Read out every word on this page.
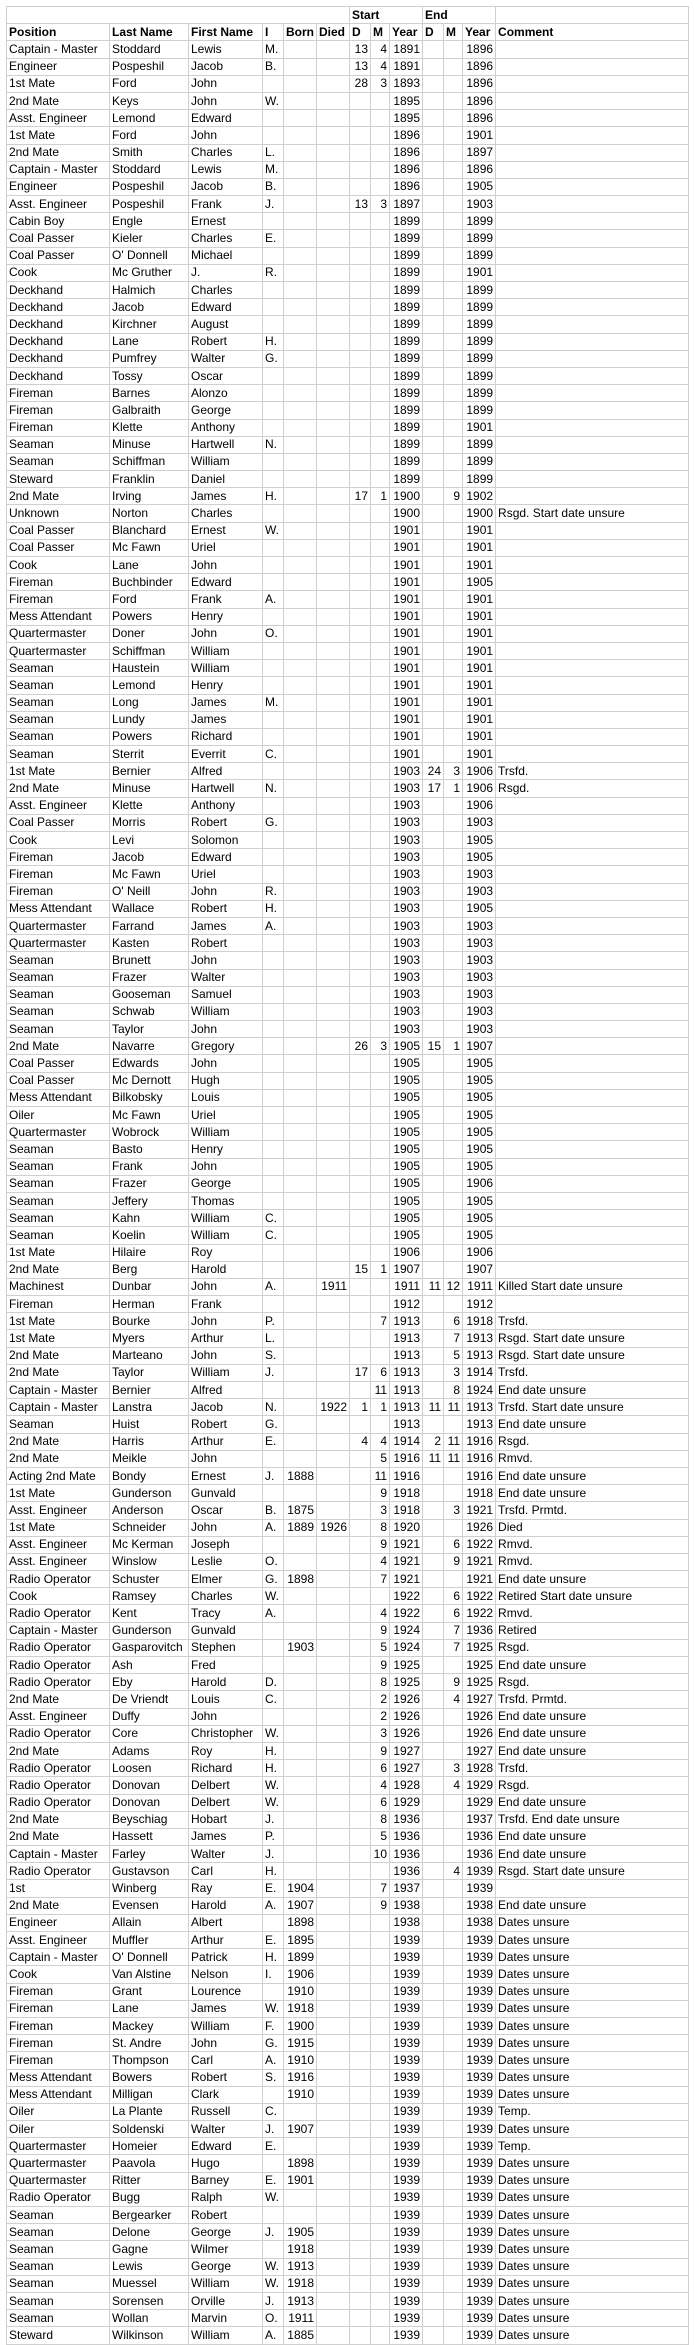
						Start			End			
Position	Last Name	First Name	I	Born	Died	D	M	Year	D	M	Year	Comment
Captain - Master	Stoddard	Lewis	M.			13	4	1891			1896	
Engineer	Pospeshil	Jacob	B.			13	4	1891			1896	
1st Mate	Ford	John				28	3	1893			1896	
2nd Mate	Keys	John	W.					1895			1896	
Asst. Engineer	Lemond	Edward						1895			1896	
1st Mate	Ford	John						1896			1901	
2nd Mate	Smith	Charles	L.					1896			1897	
Captain - Master	Stoddard	Lewis	M.					1896			1896	
Engineer	Pospeshil	Jacob	B.					1896			1905	
Asst. Engineer	Pospeshil	Frank	J.			13	3	1897			1903	
Cabin Boy	Engle	Ernest						1899			1899	
Coal Passer	Kieler	Charles	E.					1899			1899	
Coal Passer	O' Donnell	Michael						1899			1899	
Cook	Mc Gruther	J.	R.					1899			1901	
Deckhand	Halmich	Charles						1899			1899	
Deckhand	Jacob	Edward						1899			1899	
Deckhand	Kirchner	August						1899			1899	
Deckhand	Lane	Robert	H.					1899			1899	
Deckhand	Pumfrey	Walter	G.					1899			1899	
Deckhand	Tossy	Oscar						1899			1899	
Fireman	Barnes	Alonzo						1899			1899	
Fireman	Galbraith	George						1899			1899	
Fireman	Klette	Anthony						1899			1901	
Seaman	Minuse	Hartwell	N.					1899			1899	
Seaman	Schiffman	William						1899			1899	
Steward	Franklin	Daniel						1899			1899	
2nd Mate	Irving	James	H.			17	1	1900		9	1902	
Unknown	Norton	Charles						1900			1900	Rsgd. Start date unsure
Coal Passer	Blanchard	Ernest	W.					1901			1901	
Coal Passer	Mc Fawn	Uriel						1901			1901	
Cook	Lane	John						1901			1901	
Fireman	Buchbinder	Edward						1901			1905	
Fireman	Ford	Frank	A.					1901			1901	
Mess Attendant	Powers	Henry						1901			1901	
Quartermaster	Doner	John	O.					1901			1901	
Quartermaster	Schiffman	William						1901			1901	
Seaman	Haustein	William						1901			1901	
Seaman	Lemond	Henry						1901			1901	
Seaman	Long	James	M.					1901			1901	
Seaman	Lundy	James						1901			1901	
Seaman	Powers	Richard						1901			1901	
Seaman	Sterrit	Everrit	C.					1901			1901	
1st Mate	Bernier	Alfred						1903	24	3	1906	Trsfd.
2nd Mate	Minuse	Hartwell	N.					1903	17	1	1906	Rsgd.
Asst. Engineer	Klette	Anthony						1903			1906	
Coal Passer	Morris	Robert	G.					1903			1903	
Cook	Levi	Solomon						1903			1905	
Fireman	Jacob	Edward						1903			1905	
Fireman	Mc Fawn	Uriel						1903			1903	
Fireman	O' Neill	John	R.					1903			1903	
Mess Attendant	Wallace	Robert	H.					1903			1905	
Quartermaster	Farrand	James	A.					1903			1903	
Quartermaster	Kasten	Robert						1903			1903	
Seaman	Brunett	John						1903			1903	
Seaman	Frazer	Walter						1903			1903	
Seaman	Gooseman	Samuel						1903			1903	
Seaman	Schwab	William						1903			1903	
Seaman	Taylor	John						1903			1903	
2nd Mate	Navarre	Gregory				26	3	1905	15	1	1907	
Coal Passer	Edwards	John						1905			1905	
Coal Passer	Mc Dernott	Hugh						1905			1905	
Mess Attendant	Bilkobsky	Louis						1905			1905	
Oiler	Mc Fawn	Uriel						1905			1905	
Quartermaster	Wobrock	William						1905			1905	
Seaman	Basto	Henry						1905			1905	
Seaman	Frank	John						1905			1905	
Seaman	Frazer	George						1905			1906	
Seaman	Jeffery	Thomas						1905			1905	
Seaman	Kahn	William	C.					1905			1905	
Seaman	Koelin	William	C.					1905			1905	
1st Mate	Hilaire	Roy						1906			1906	
2nd Mate	Berg	Harold				15	1	1907			1907	
Machinest	Dunbar	John	A.		1911			1911	11	12	1911	Killed Start date unsure
Fireman	Herman	Frank						1912			1912	
1st Mate	Bourke	John	P.				7	1913		6	1918	Trsfd.
1st Mate	Myers	Arthur	L.					1913		7	1913	Rsgd. Start date unsure
2nd Mate	Marteano	John	S.					1913		5	1913	Rsgd. Start date unsure
2nd Mate	Taylor	William	J.			17	6	1913		3	1914	Trsfd.
Captain - Master	Bernier	Alfred					11	1913		8	1924	End date unsure
Captain - Master	Lanstra	Jacob	N.		1922	1	1	1913	11	11	1913	Trsfd. Start date unsure
Seaman	Huist	Robert	G.					1913			1913	End date unsure
2nd Mate	Harris	Arthur	E.			4	4	1914	2	11	1916	Rsgd.
2nd Mate	Meikle	John					5	1916	11	11	1916	Rmvd.
Acting 2nd Mate	Bondy	Ernest	J.	1888			11	1916			1916	End date unsure
1st Mate	Gunderson	Gunvald					9	1918			1918	End date unsure
Asst. Engineer	Anderson	Oscar	B.	1875			3	1918		3	1921	Trsfd. Prmtd.
1st Mate	Schneider	John	A.	1889	1926		8	1920			1926	Died
Asst. Engineer	Mc Kerman	Joseph					9	1921		6	1922	Rmvd.
Asst. Engineer	Winslow	Leslie	O.				4	1921		9	1921	Rmvd.
Radio Operator	Schuster	Elmer	G.	1898			7	1921			1921	End date unsure
Cook	Ramsey	Charles	W.					1922		6	1922	Retired Start date unsure
Radio Operator	Kent	Tracy	A.				4	1922		6	1922	Rmvd.
Captain - Master	Gunderson	Gunvald					9	1924		7	1936	Retired
Radio Operator	Gasparovitch	Stephen		1903			5	1924		7	1925	Rsgd.
Radio Operator	Ash	Fred					9	1925			1925	End date unsure
Radio Operator	Eby	Harold	D.				8	1925		9	1925	Rsgd.
2nd Mate	De Vriendt	Louis	C.				2	1926		4	1927	Trsfd. Prmtd.
Asst. Engineer	Duffy	John					2	1926			1926	End date unsure
Radio Operator	Core	Christopher	W.				3	1926			1926	End date unsure
2nd Mate	Adams	Roy	H.				9	1927			1927	End date unsure
Radio Operator	Loosen	Richard	H.				6	1927		3	1928	Trsfd.
Radio Operator	Donovan	Delbert	W.				4	1928		4	1929	Rsgd.
Radio Operator	Donovan	Delbert	W.				6	1929			1929	End date unsure
2nd Mate	Beyschiag	Hobart	J.				8	1936			1937	Trsfd. End date unsure
2nd Mate	Hassett	James	P.				5	1936			1936	End date unsure
Captain - Master	Farley	Walter	J.				10	1936			1936	End date unsure
Radio Operator	Gustavson	Carl	H.					1936		4	1939	Rsgd. Start date unsure
1st	Winberg	Ray	E.	1904			7	1937			1939	
2nd Mate	Evensen	Harold	A.	1907			9	1938			1938	End date unsure
Engineer	Allain	Albert		1898				1938			1938	Dates unsure
Asst. Engineer	Muffler	Arthur	E.	1895				1939			1939	Dates unsure
Captain - Master	O' Donnell	Patrick	H.	1899				1939			1939	Dates unsure
Cook	Van Alstine	Nelson	I.	1906				1939			1939	Dates unsure
Fireman	Grant	Lourence		1910				1939			1939	Dates unsure
Fireman	Lane	James	W.	1918				1939			1939	Dates unsure
Fireman	Mackey	William	F.	1900				1939			1939	Dates unsure
Fireman	St. Andre	John	G.	1915				1939			1939	Dates unsure
Fireman	Thompson	Carl	A.	1910				1939			1939	Dates unsure
Mess Attendant	Bowers	Robert	S.	1916				1939			1939	Dates unsure
Mess Attendant	Milligan	Clark		1910				1939			1939	Dates unsure
Oiler	La Plante	Russell	C.					1939			1939	Temp.
Oiler	Soldenski	Walter	J.	1907				1939			1939	Dates unsure
Quartermaster	Homeier	Edward	E.					1939			1939	Temp.
Quartermaster	Paavola	Hugo		1898				1939			1939	Dates unsure
Quartermaster	Ritter	Barney	E.	1901				1939			1939	Dates unsure
Radio Operator	Bugg	Ralph	W.					1939			1939	Dates unsure
Seaman	Bergearker	Robert						1939			1939	Dates unsure
Seaman	Delone	George	J.	1905				1939			1939	Dates unsure
Seaman	Gagne	Wilmer		1918				1939			1939	Dates unsure
Seaman	Lewis	George	W.	1913				1939			1939	Dates unsure
Seaman	Muessel	William	W.	1918				1939			1939	Dates unsure
Seaman	Sorensen	Orville	J.	1913				1939			1939	Dates unsure
Seaman	Wollan	Marvin	O.	1911				1939			1939	Dates unsure
Steward	Wilkinson	William	A.	1885				1939			1939	Dates unsure
